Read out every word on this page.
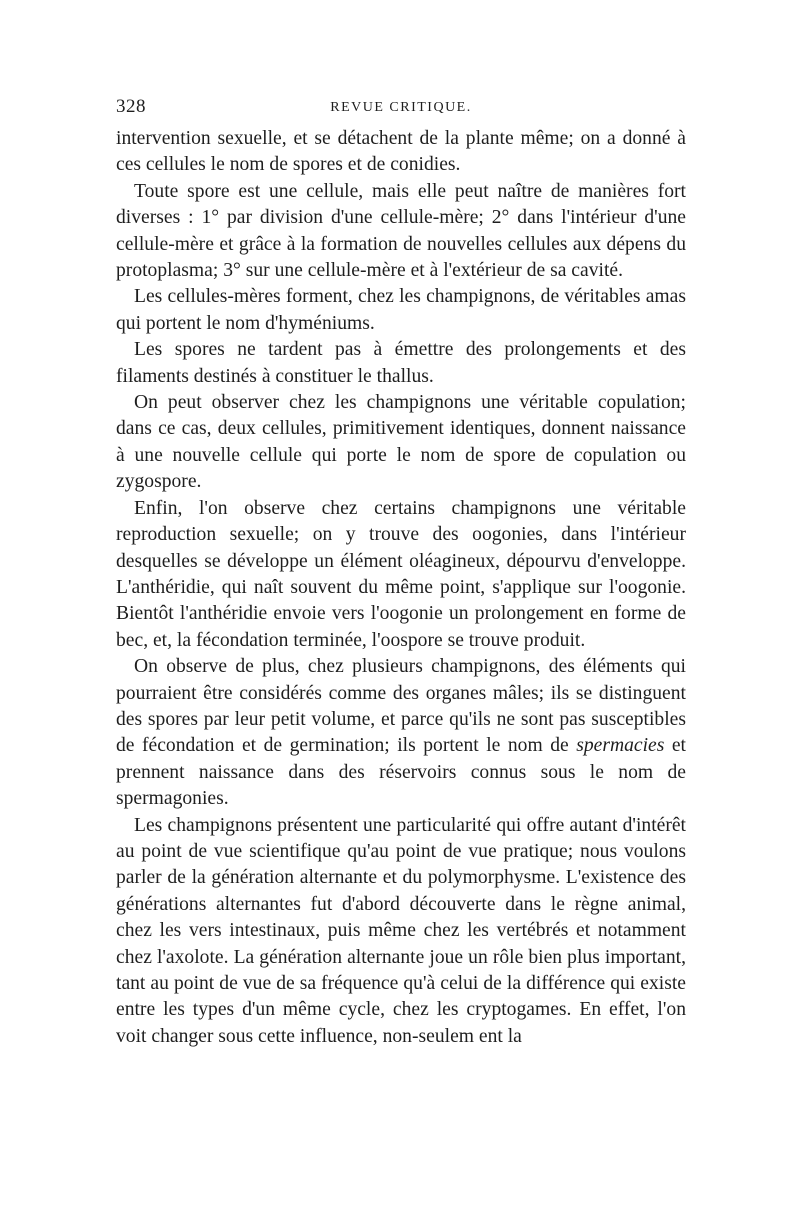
328	REVUE CRITIQUE.

intervention sexuelle, et se détachent de la plante même; on a donné à ces cellules le nom de spores et de conidies.

Toute spore est une cellule, mais elle peut naître de manières fort diverses : 1° par division d'une cellule-mère; 2° dans l'intérieur d'une cellule-mère et grâce à la formation de nouvelles cellules aux dépens du protoplasma; 3° sur une cellule-mère et à l'extérieur de sa cavité.

Les cellules-mères forment, chez les champignons, de véritables amas qui portent le nom d'hyméniums.

Les spores ne tardent pas à émettre des prolongements et des filaments destinés à constituer le thallus.

On peut observer chez les champignons une véritable copulation; dans ce cas, deux cellules, primitivement identiques, donnent naissance à une nouvelle cellule qui porte le nom de spore de copulation ou zygospore.

Enfin, l'on observe chez certains champignons une véritable reproduction sexuelle; on y trouve des oogonies, dans l'intérieur desquelles se développe un élément oléagineux, dépourvu d'enveloppe. L'anthéridie, qui naît souvent du même point, s'applique sur l'oogonie. Bientôt l'anthéridie envoie vers l'oogonie un prolongement en forme de bec, et, la fécondation terminée, l'oospore se trouve produit.

On observe de plus, chez plusieurs champignons, des éléments qui pourraient être considérés comme des organes mâles; ils se distinguent des spores par leur petit volume, et parce qu'ils ne sont pas susceptibles de fécondation et de germination; ils portent le nom de spermacies et prennent naissance dans des réservoirs connus sous le nom de spermagonies.

Les champignons présentent une particularité qui offre autant d'intérêt au point de vue scientifique qu'au point de vue pratique; nous voulons parler de la génération alternante et du polymorphysme. L'existence des générations alternantes fut d'abord découverte dans le règne animal, chez les vers intestinaux, puis même chez les vertébrés et notamment chez l'axolote. La génération alternante joue un rôle bien plus important, tant au point de vue de sa fréquence qu'à celui de la différence qui existe entre les types d'un même cycle, chez les cryptogames. En effet, l'on voit changer sous cette influence, non-seulem ent la
